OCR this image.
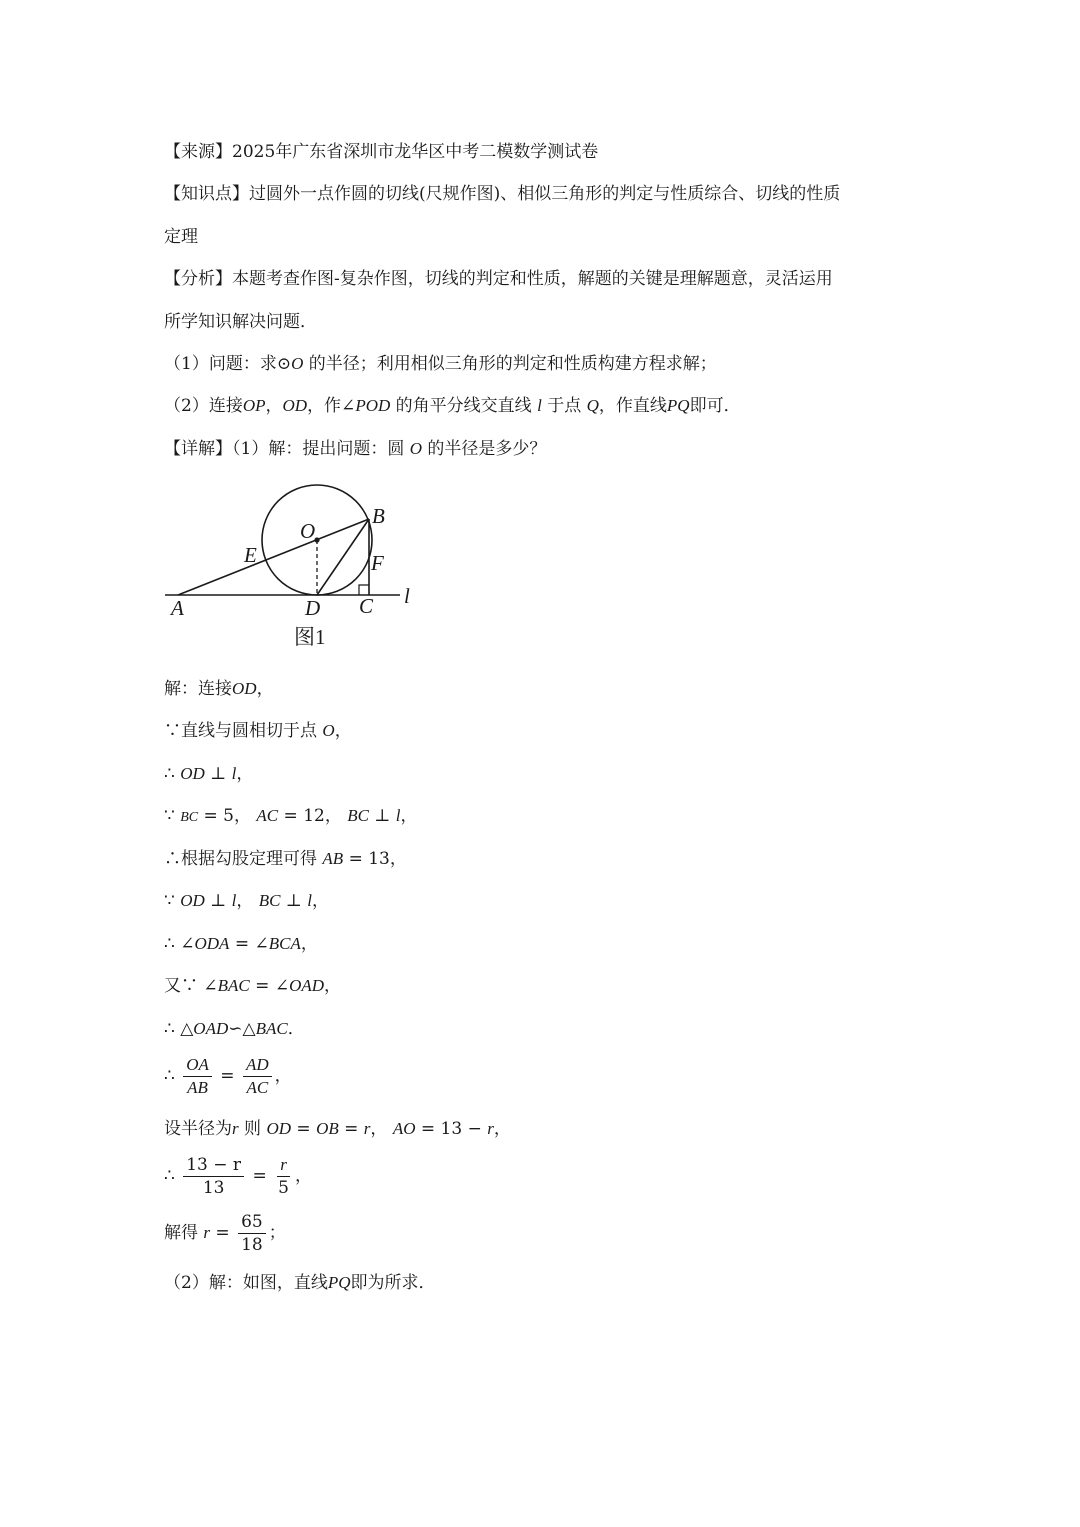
【来源】2025年广东省深圳市龙华区中考二模数学测试卷
【知识点】过圆外一点作圆的切线(尺规作图)、相似三角形的判定与性质综合、切线的性质
定理
【分析】本题考查作图-复杂作图，切线的判定和性质，解题的关键是理解题意，灵活运用
所学知识解决问题．
（1）问题：求⊙O 的半径；利用相似三角形的判定和性质构建方程求解；
（2）连接OP，OD，作∠POD 的角平分线交直线 l 于点 Q，作直线PQ即可．
【详解】（1）解：提出问题：圆 O 的半径是多少？
O
B
E	F
A	D C l
图1
解：连接OD，
∵直线与圆相切于点 O，
∴ OD ⊥ l，
∵ BC = 5， AC = 12， BC ⊥ l，
∴根据勾股定理可得 AB = 13，
∵ OD ⊥ l， BC ⊥ l，
∴ ∠ODA = ∠BCA，
又∵ ∠BAC = ∠OAD，
∴ △OAD∽△BAC．
∴ $\frac{OA}{AB} = \frac{AD}{AC}$ ，
设半径为r 则 OD = OB = r， AO = 13 − r，
∴ $\frac{13 - r}{13} = \frac{r}{5}$ ，
解得 $r = \frac{65}{18}$ ；
（2）解：如图，直线PQ即为所求．
